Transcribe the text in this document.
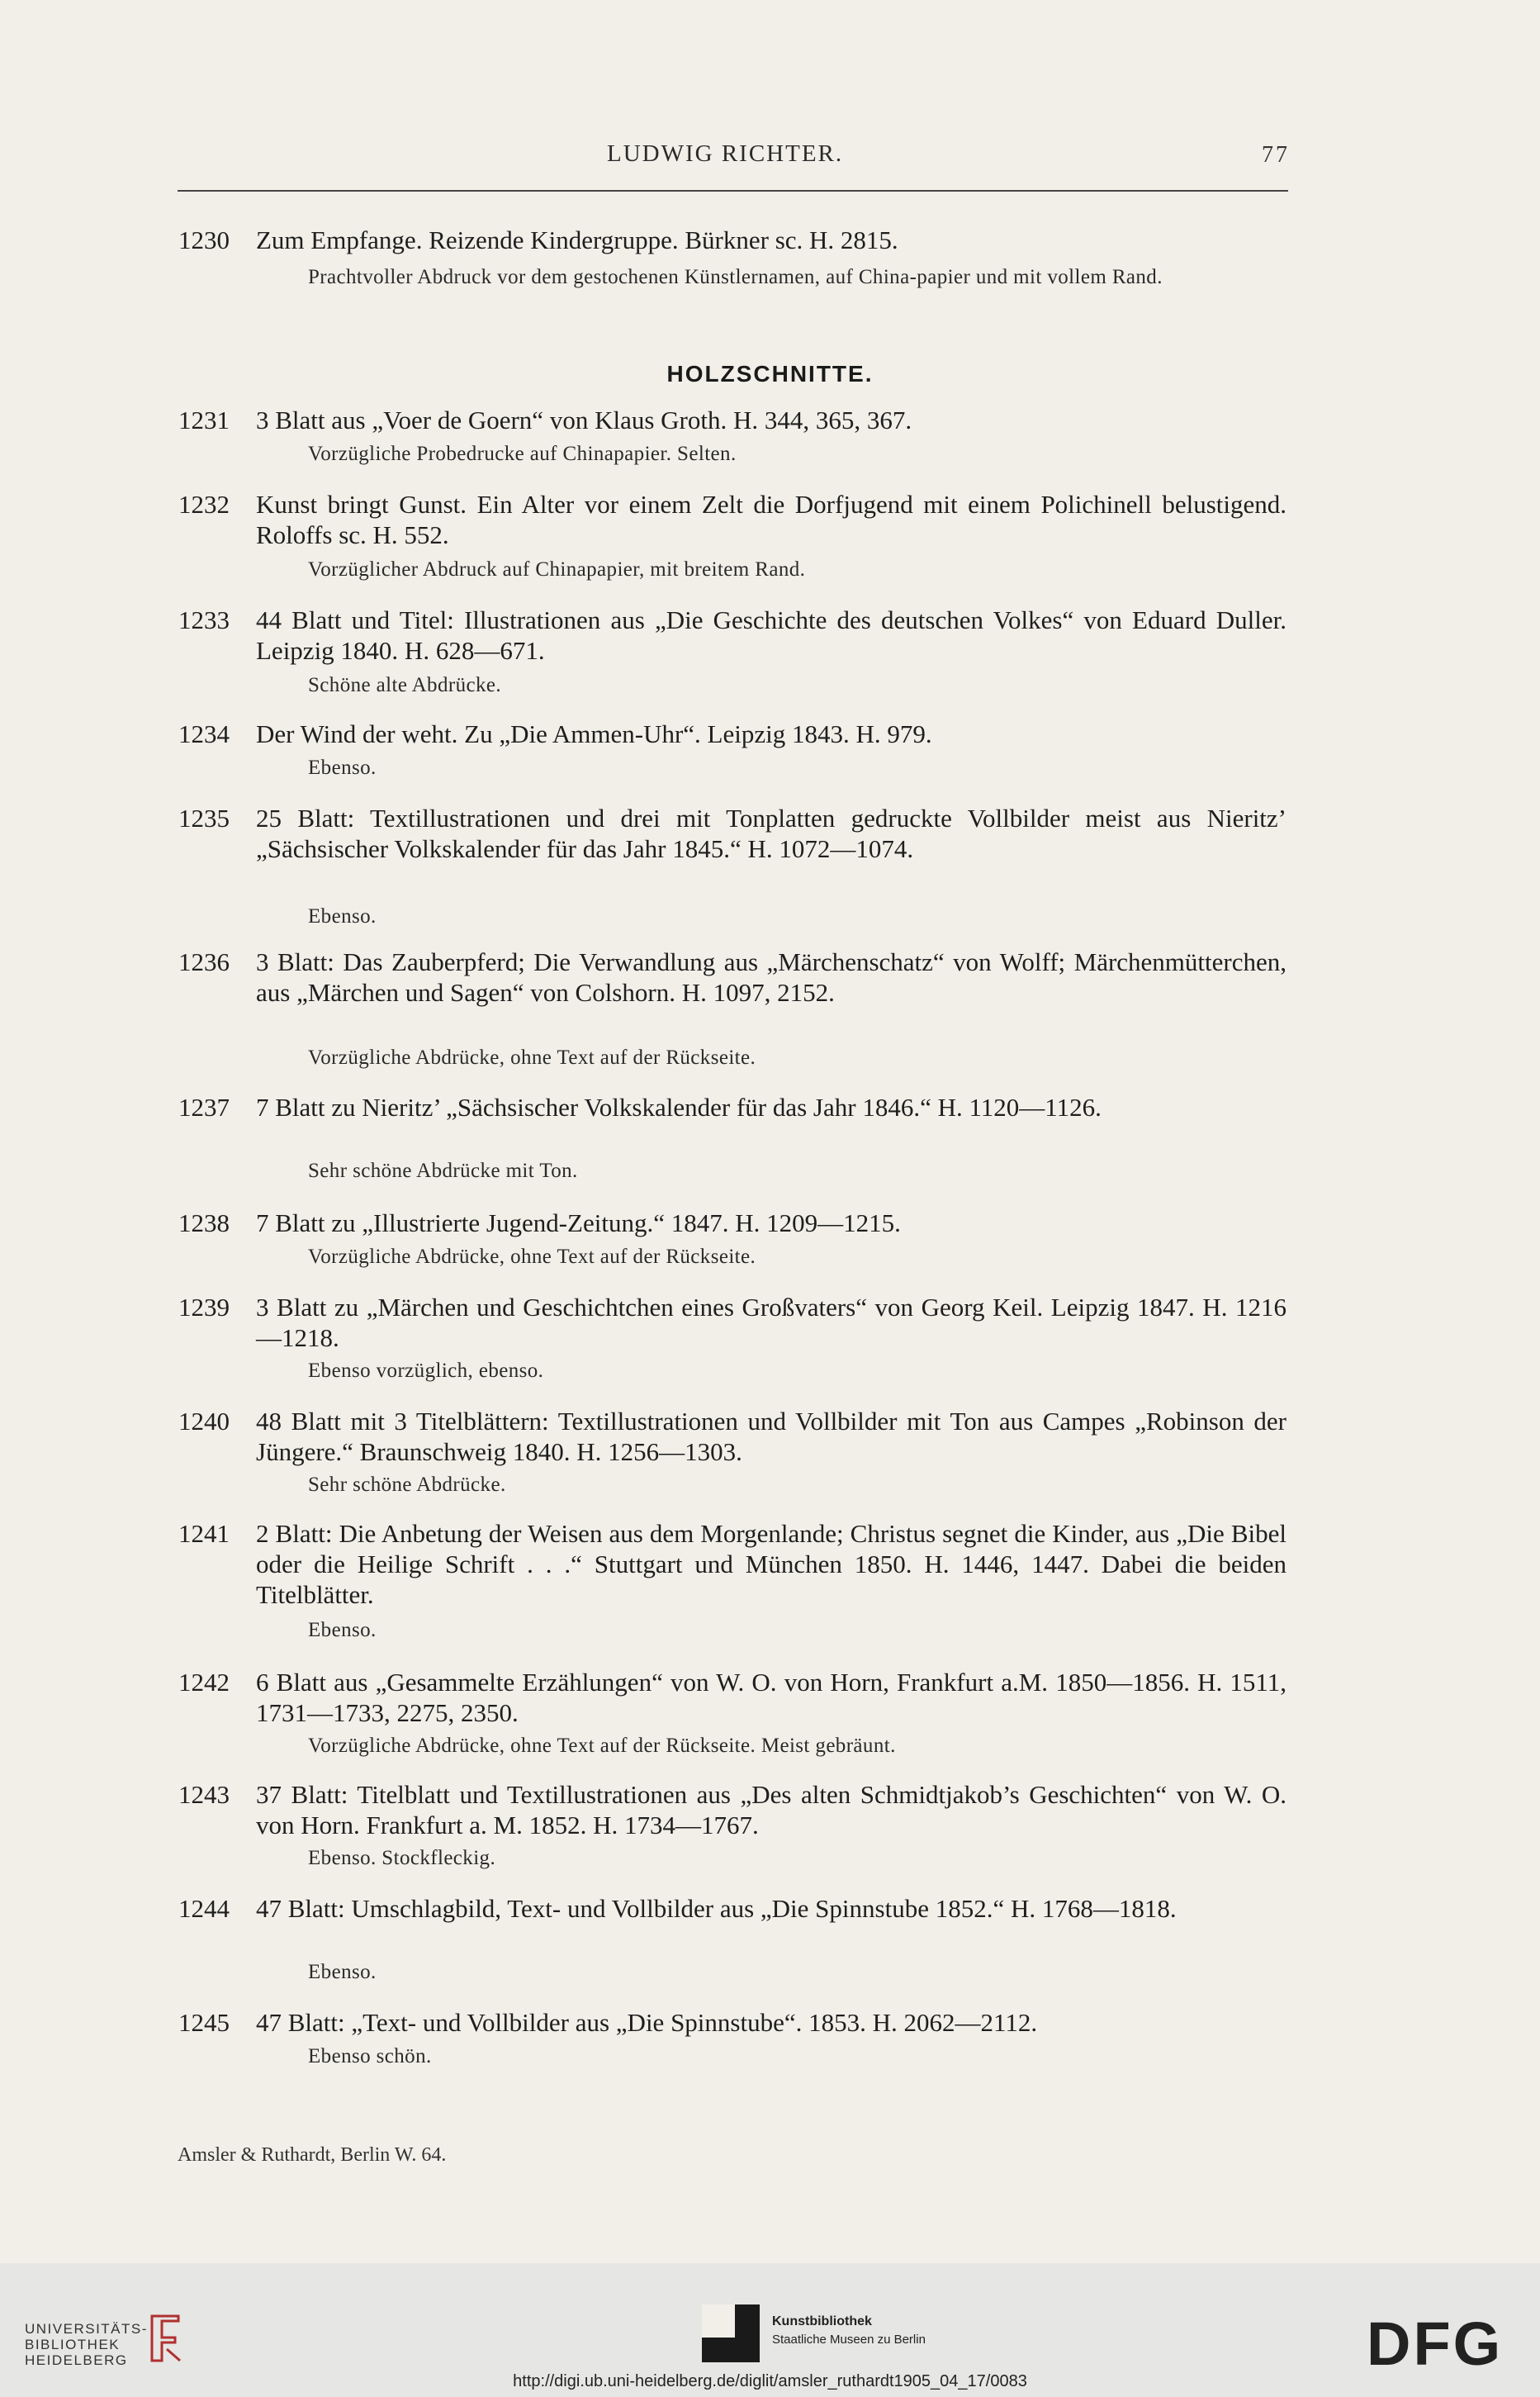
LUDWIG RICHTER.	77
1230 Zum Empfange. Reizende Kindergruppe. Bürkner sc. H. 2815.
Prachtvoller Abdruck vor dem gestochenen Künstlernamen, auf China-papier und mit vollem Rand.
HOLZSCHNITTE.
1231 3 Blatt aus „Voer de Goern“ von Klaus Groth. H. 344, 365, 367.
Vorzügliche Probedrucke auf Chinapapier. Selten.
1232 Kunst bringt Gunst. Ein Alter vor einem Zelt die Dorfjugend mit einem Polichinell belustigend. Roloffs sc. H. 552.
Vorzüglicher Abdruck auf Chinapapier, mit breitem Rand.
1233 44 Blatt und Titel: Illustrationen aus „Die Geschichte des deutschen Volkes“ von Eduard Duller. Leipzig 1840. H. 628—671.
Schöne alte Abdrücke.
1234 Der Wind der weht. Zu „Die Ammen-Uhr“. Leipzig 1843. H. 979.
Ebenso.
1235 25 Blatt: Textillustrationen und drei mit Tonplatten gedruckte Vollbilder meist aus Nieritz’ „Sächsischer Volkskalender für das Jahr 1845.“ H. 1072—1074.
Ebenso.
1236 3 Blatt: Das Zauberpferd; Die Verwandlung aus „Märchenschatz“ von Wolff; Märchenmütterchen, aus „Märchen und Sagen“ von Colshorn. H. 1097, 2152.
Vorzügliche Abdrücke, ohne Text auf der Rückseite.
1237 7 Blatt zu Nieritz’ „Sächsischer Volkskalender für das Jahr 1846.“ H. 1120—1126.
Sehr schöne Abdrücke mit Ton.
1238 7 Blatt zu „Illustrierte Jugend-Zeitung.“ 1847. H. 1209—1215.
Vorzügliche Abdrücke, ohne Text auf der Rückseite.
1239 3 Blatt zu „Märchen und Geschichtchen eines Großvaters“ von Georg Keil. Leipzig 1847. H. 1216—1218.
Ebenso vorzüglich, ebenso.
1240 48 Blatt mit 3 Titelblättern: Textillustrationen und Vollbilder mit Ton aus Campes „Robinson der Jüngere.“ Braunschweig 1840. H. 1256—1303.
Sehr schöne Abdrücke.
1241 2 Blatt: Die Anbetung der Weisen aus dem Morgenlande; Christus segnet die Kinder, aus „Die Bibel oder die Heilige Schrift . . .“ Stuttgart und München 1850. H. 1446, 1447. Dabei die beiden Titelblätter.
Ebenso.
1242 6 Blatt aus „Gesammelte Erzählungen“ von W. O. von Horn, Frankfurt a.M. 1850—1856. H. 1511, 1731—1733, 2275, 2350.
Vorzügliche Abdrücke, ohne Text auf der Rückseite. Meist gebräunt.
1243 37 Blatt: Titelblatt und Textillustrationen aus „Des alten Schmidtjakob’s Geschichten“ von W. O. von Horn. Frankfurt a. M. 1852. H. 1734—1767.
Ebenso. Stockfleckig.
1244 47 Blatt: Umschlagbild, Text- und Vollbilder aus „Die Spinnstube 1852.“ H. 1768—1818.
Ebenso.
1245 47 Blatt: „Text- und Vollbilder aus „Die Spinnstube“. 1853. H. 2062—2112.
Ebenso schön.
Amsler & Ruthardt, Berlin W. 64.
UNIVERSITÄTS-
BIBLIOTHEK
HEIDELBERG
Kunstbibliothek
Staatliche Museen zu Berlin	DFG
http://digi.ub.uni-heidelberg.de/diglit/amsler_ruthardt1905_04_17/0083
